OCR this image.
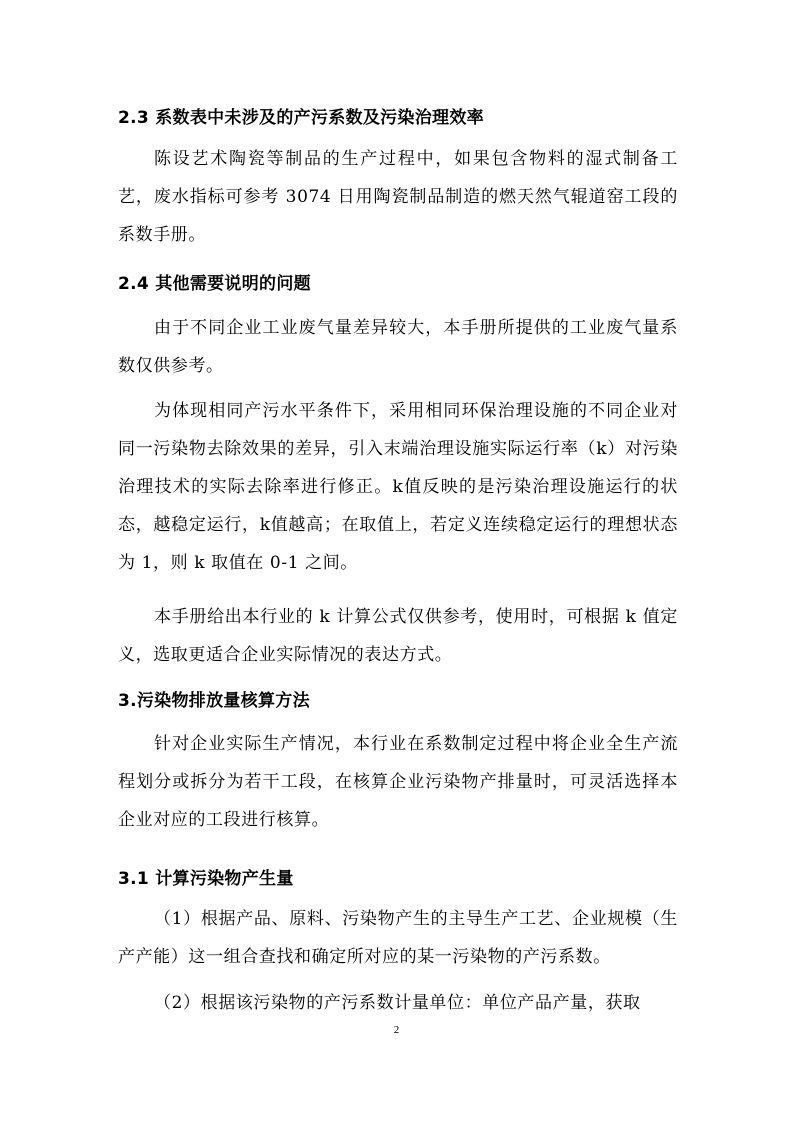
2.3 系数表中未涉及的产污系数及污染治理效率
陈设艺术陶瓷等制品的生产过程中，如果包含物料的湿式制备工艺，废水指标可参考 3074 日用陶瓷制品制造的燃天然气辊道窑工段的系数手册。
2.4 其他需要说明的问题
由于不同企业工业废气量差异较大，本手册所提供的工业废气量系数仅供参考。
为体现相同产污水平条件下，采用相同环保治理设施的不同企业对同一污染物去除效果的差异，引入末端治理设施实际运行率（k）对污染治理技术的实际去除率进行修正。k值反映的是污染治理设施运行的状态，越稳定运行，k值越高；在取值上，若定义连续稳定运行的理想状态为 1，则 k 取值在 0-1 之间。
本手册给出本行业的 k 计算公式仅供参考，使用时，可根据 k 值定义，选取更适合企业实际情况的表达方式。
3.污染物排放量核算方法
针对企业实际生产情况，本行业在系数制定过程中将企业全生产流程划分或拆分为若干工段，在核算企业污染物产排量时，可灵活选择本企业对应的工段进行核算。
3.1 计算污染物产生量
（1）根据产品、原料、污染物产生的主导生产工艺、企业规模（生产产能）这一组合查找和确定所对应的某一污染物的产污系数。
（2）根据该污染物的产污系数计量单位：单位产品产量，获取
2
